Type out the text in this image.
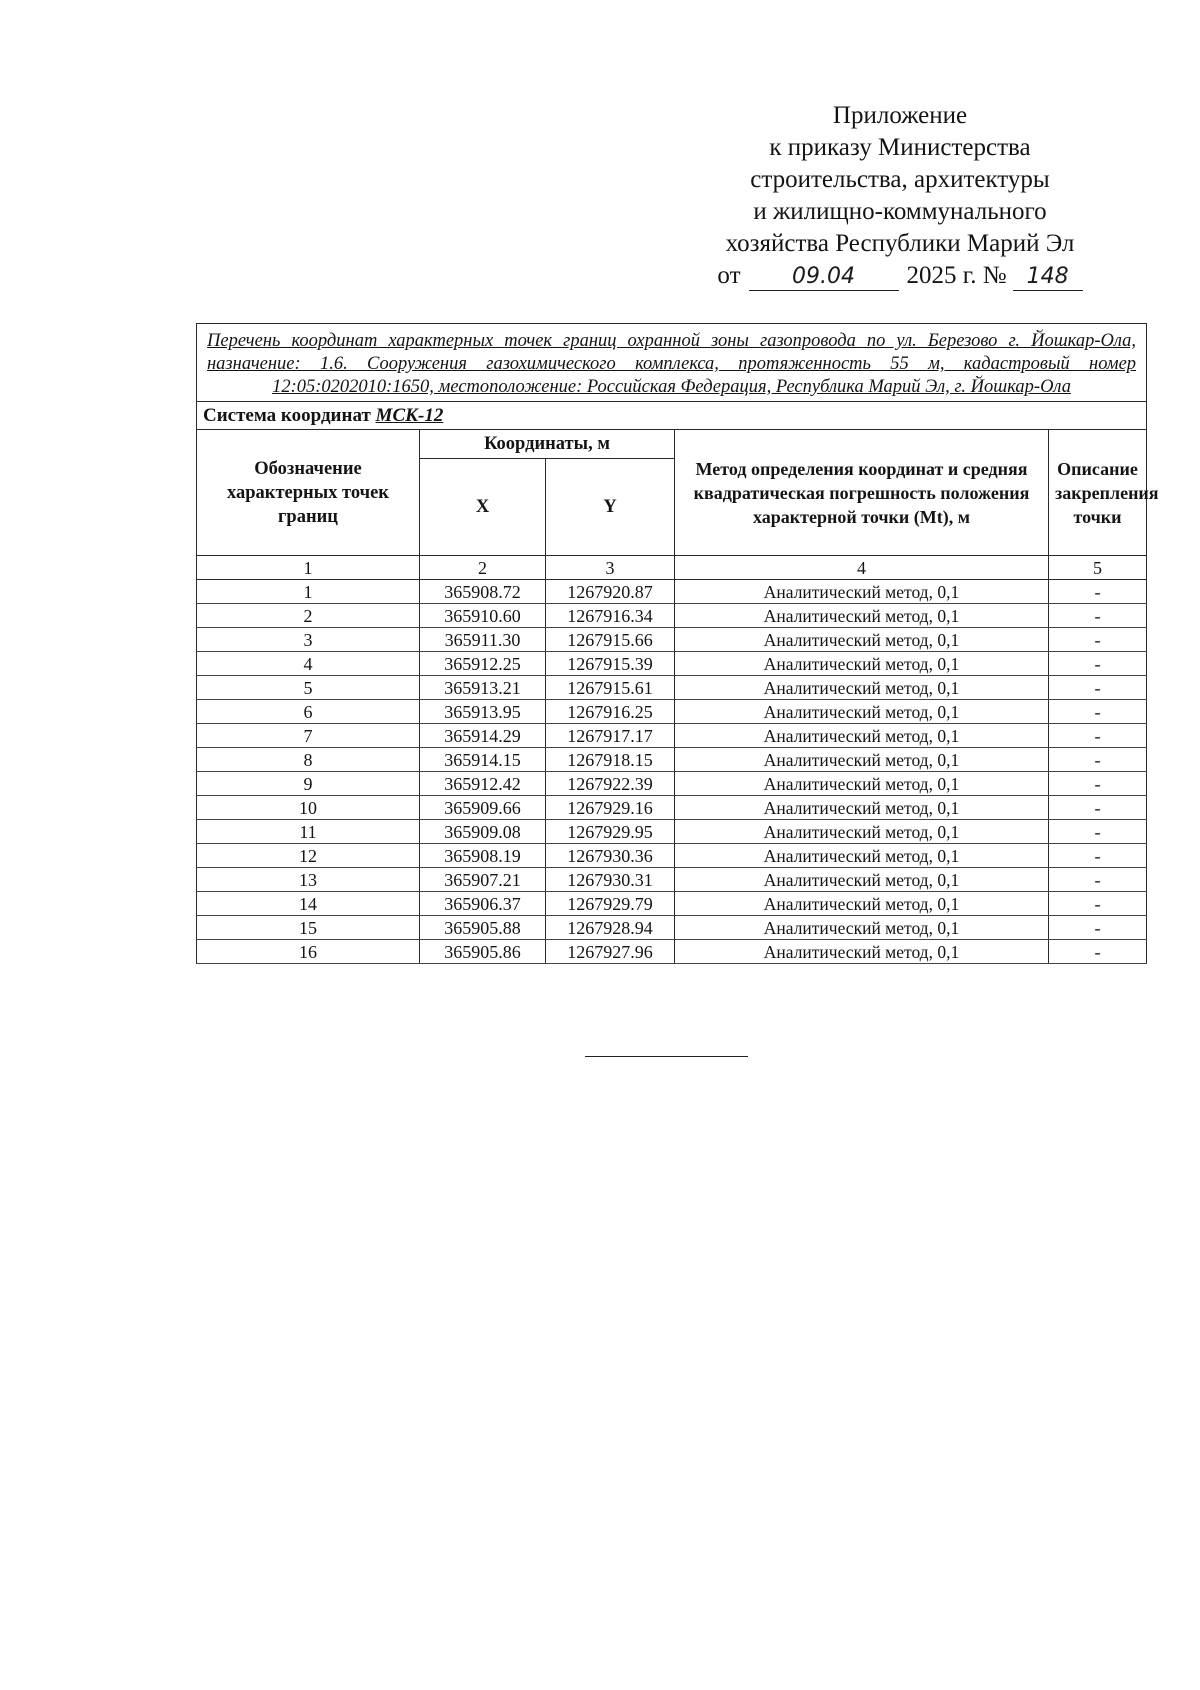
Приложение
к приказу Министерства
строительства, архитектуры
и жилищно-коммунального
хозяйства Республики Марий Эл
от 09.04 2025 г. № 148
Перечень координат характерных точек границ охранной зоны газопровода по ул. Березово г. Йошкар-Ола, назначение: 1.6. Сооружения газохимического комплекса, протяженность 55 м, кадастровый номер 12:05:0202010:1650, местоположение: Российская Федерация, Республика Марий Эл, г. Йошкар-Ола				
Система координат МСК-12				
Обозначение характерных точек границ	Координаты, м		Метод определения координат и средняя квадратическая погрешность положения характерной точки (Mt), м	Описание закрепления точки
	X	Y		
1	2	3	4	5
1	365908.72	1267920.87	Аналитический метод, 0,1	-
2	365910.60	1267916.34	Аналитический метод, 0,1	-
3	365911.30	1267915.66	Аналитический метод, 0,1	-
4	365912.25	1267915.39	Аналитический метод, 0,1	-
5	365913.21	1267915.61	Аналитический метод, 0,1	-
6	365913.95	1267916.25	Аналитический метод, 0,1	-
7	365914.29	1267917.17	Аналитический метод, 0,1	-
8	365914.15	1267918.15	Аналитический метод, 0,1	-
9	365912.42	1267922.39	Аналитический метод, 0,1	-
10	365909.66	1267929.16	Аналитический метод, 0,1	-
11	365909.08	1267929.95	Аналитический метод, 0,1	-
12	365908.19	1267930.36	Аналитический метод, 0,1	-
13	365907.21	1267930.31	Аналитический метод, 0,1	-
14	365906.37	1267929.79	Аналитический метод, 0,1	-
15	365905.88	1267928.94	Аналитический метод, 0,1	-
16	365905.86	1267927.96	Аналитический метод, 0,1	-
